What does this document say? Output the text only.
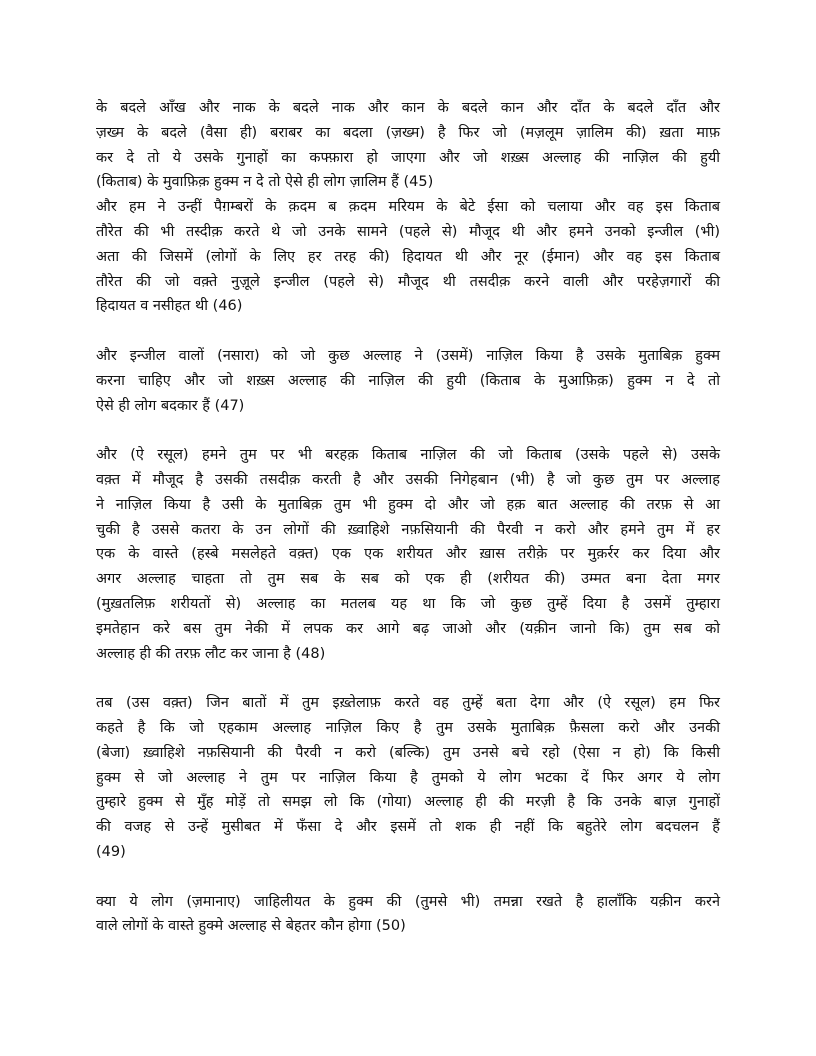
के बदले आँख और नाक के बदले नाक और कान के बदले कान और दाँत के बदले दाँत और
ज़ख्म के बदले (वैसा ही) बराबर का बदला (ज़ख्म) है फिर जो (मज़लूम ज़ालिम की) ख़ता माफ़
कर दे तो ये उसके गुनाहों का कफ्फ़ारा हो जाएगा और जो शख़्स अल्लाह की नाज़िल की हुयी
(किताब) के मुवाफ़िक़ हुक्म न दे तो ऐसे ही लोग ज़ालिम हैं (45)
और हम ने उन्हीं पैग़म्बरों के क़दम ब क़दम मरियम के बेटे ईसा को चलाया और वह इस किताब
तौरेत की भी तस्दीक़ करते थे जो उनके सामने (पहले से) मौजूद थी और हमने उनको इन्जील (भी)
अता की जिसमें (लोगों के लिए हर तरह की) हिदायत थी और नूर (ईमान) और वह इस किताब
तौरेत की जो वक़्ते नुज़ूले इन्जील (पहले से) मौजूद थी तसदीक़ करने वाली और परहेज़गारों की
हिदायत व नसीहत थी (46)
और इन्जील वालों (नसारा) को जो कुछ अल्लाह ने (उसमें) नाज़िल किया है उसके मुताबिक़ हुक्म
करना चाहिए और जो शख़्स अल्लाह की नाज़िल की हुयी (किताब के मुआफ़िक़) हुक्म न दे तो
ऐसे ही लोग बदकार हैं (47)
और (ऐ रसूल) हमने तुम पर भी बरहक़ किताब नाज़िल की जो किताब (उसके पहले से) उसके
वक़्त में मौजूद है उसकी तसदीक़ करती है और उसकी निगेहबान (भी) है जो कुछ तुम पर अल्लाह
ने नाज़िल किया है उसी के मुताबिक़ तुम भी हुक्म दो और जो हक़ बात अल्लाह की तरफ़ से आ
चुकी है उससे कतरा के उन लोगों की ख़्वाहिशे नफ़सियानी की पैरवी न करो और हमने तुम में हर
एक के वास्ते (हस्बे मसलेहते वक़्त) एक एक शरीयत और ख़ास तरीक़े पर मुक़र्रर कर दिया और
अगर अल्लाह चाहता तो तुम सब के सब को एक ही (शरीयत की) उम्मत बना देता मगर
(मुख़तलिफ़ शरीयतों से) अल्लाह का मतलब यह था कि जो कुछ तुम्हें दिया है उसमें तुम्हारा
इमतेहान करे बस तुम नेकी में लपक कर आगे बढ़ जाओ और (यक़ीन जानो कि) तुम सब को
अल्लाह ही की तरफ़ लौट कर जाना है (48)
तब (उस वक़्त) जिन बातों में तुम इख़्तेलाफ़ करते वह तुम्हें बता देगा और (ऐ रसूल) हम फिर
कहते है कि जो एहकाम अल्लाह नाज़िल किए है तुम उसके मुताबिक़ फ़ैसला करो और उनकी
(बेजा) ख़्वाहिशे नफ़सियानी की पैरवी न करो (बल्कि) तुम उनसे बचे रहो (ऐसा न हो) कि किसी
हुक्म से जो अल्लाह ने तुम पर नाज़िल किया है तुमको ये लोग भटका दें फिर अगर ये लोग
तुम्हारे हुक्म से मुँह मोड़ें तो समझ लो कि (गोया) अल्लाह ही की मरज़ी है कि उनके बाज़ गुनाहों
की वजह से उन्हें मुसीबत में फँसा दे और इसमें तो शक ही नहीं कि बहुतेरे लोग बदचलन हैं
(49)
क्या ये लोग (ज़मानाए) जाहिलीयत के हुक्म की (तुमसे भी) तमन्ना रखते है हालाँकि यक़ीन करने
वाले लोगों के वास्ते हुक्मे अल्लाह से बेहतर कौन होगा (50)
